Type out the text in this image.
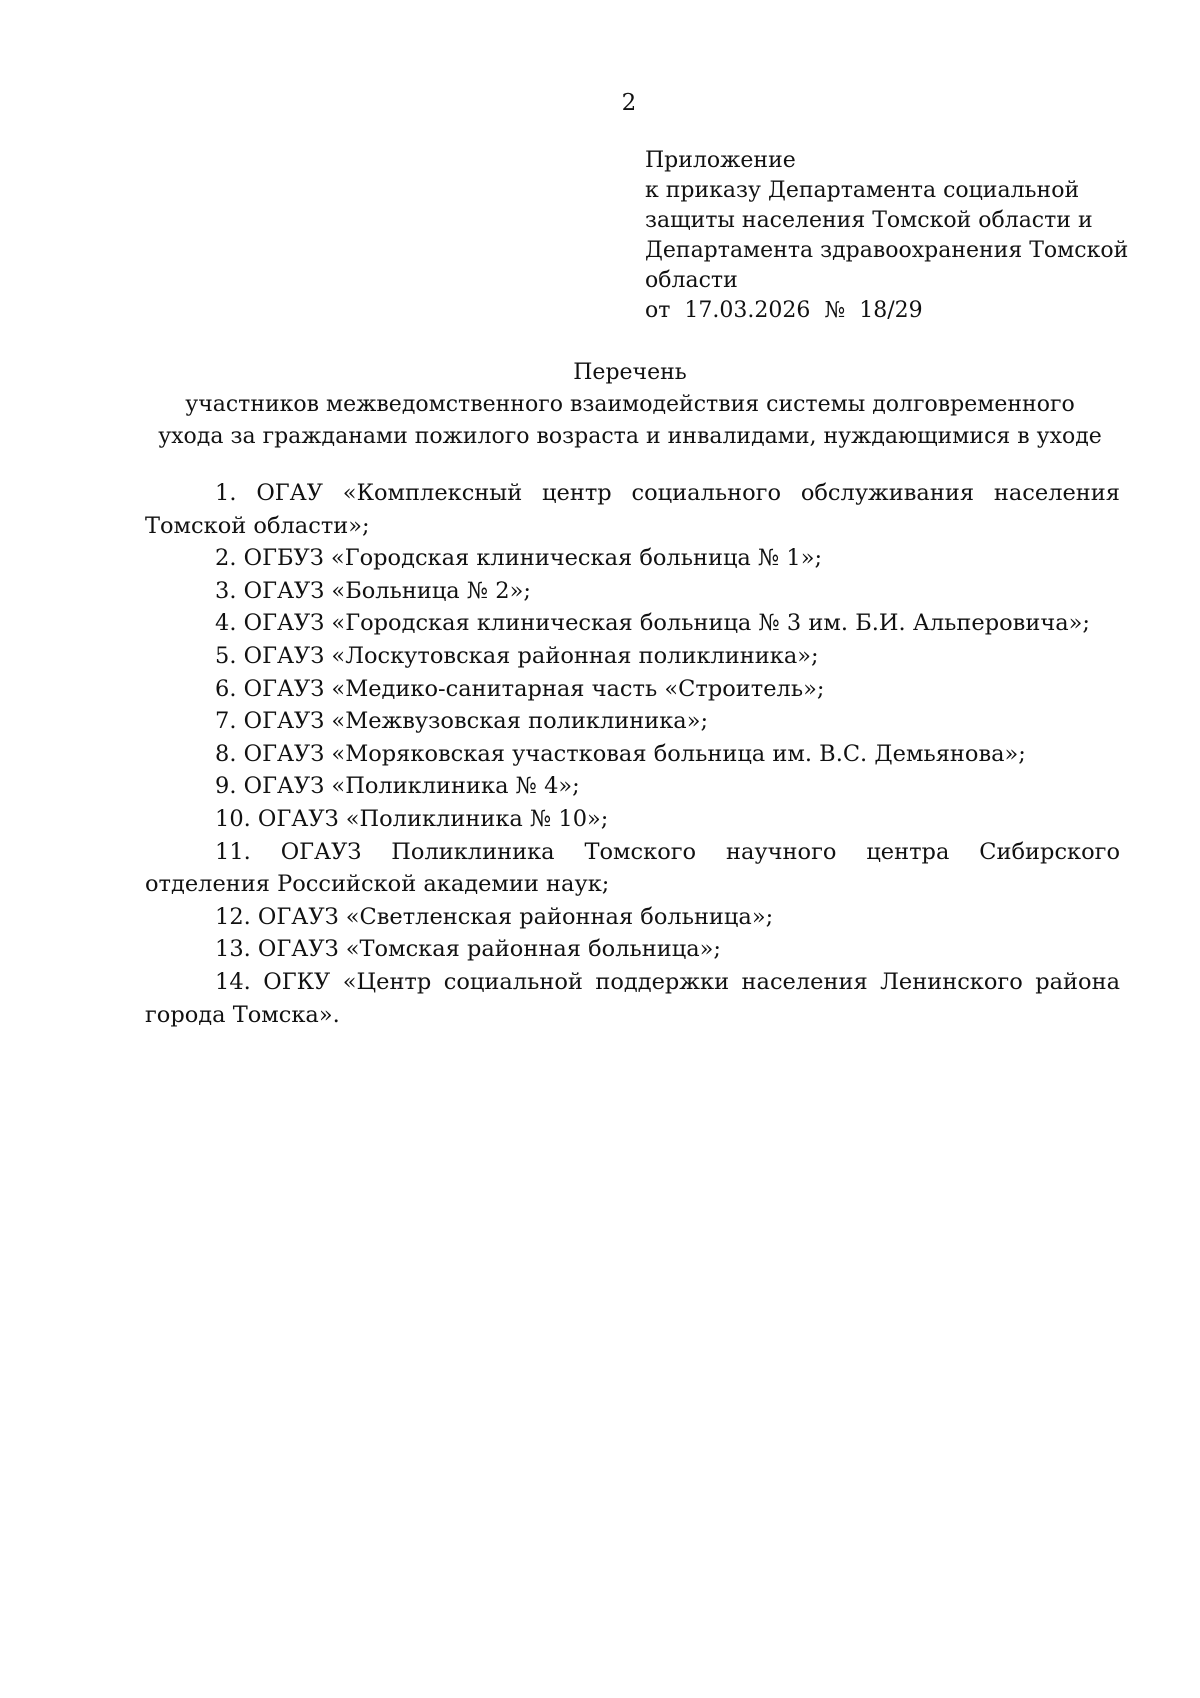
2
Приложение
к приказу Департамента социальной
защиты населения Томской области и
Департамента здравоохранения Томской
области
от 17.03.2026 № 18/29
Перечень
участников межведомственного взаимодействия системы долговременного
ухода за гражданами пожилого возраста и инвалидами, нуждающимися в уходе
1. ОГАУ «Комплексный центр социального обслуживания населения
Томской области»;
2. ОГБУЗ «Городская клиническая больница № 1»;
3. ОГАУЗ «Больница № 2»;
4. ОГАУЗ «Городская клиническая больница № 3 им. Б.И. Альперовича»;
5. ОГАУЗ «Лоскутовская районная поликлиника»;
6. ОГАУЗ «Медико-санитарная часть «Строитель»;
7. ОГАУЗ «Межвузовская поликлиника»;
8. ОГАУЗ «Моряковская участковая больница им. В.С. Демьянова»;
9. ОГАУЗ «Поликлиника № 4»;
10. ОГАУЗ «Поликлиника № 10»;
11. ОГАУЗ Поликлиника Томского научного центра Сибирского
отделения Российской академии наук;
12. ОГАУЗ «Светленская районная больница»;
13. ОГАУЗ «Томская районная больница»;
14. ОГКУ «Центр социальной поддержки населения Ленинского района
города Томска».
